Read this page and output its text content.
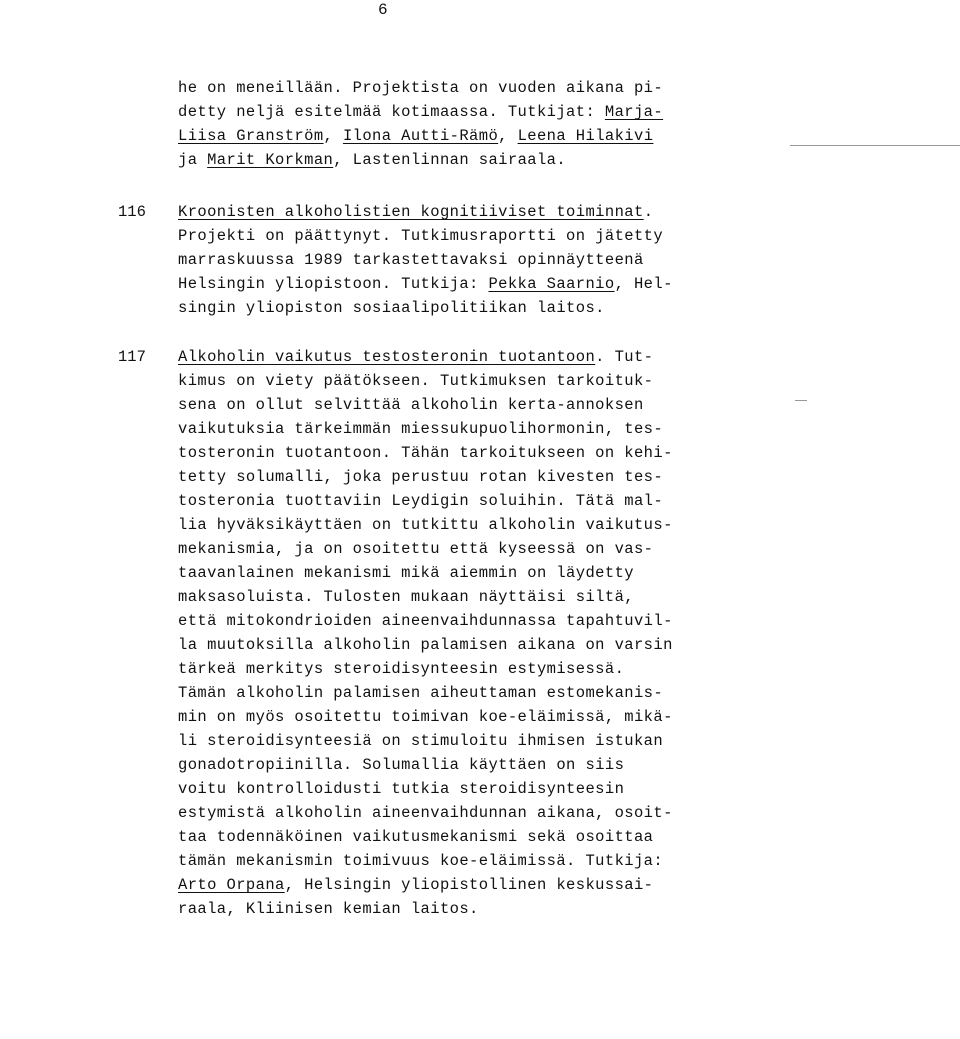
6
he on meneillään. Projektista on vuoden aikana pi-
detty neljä esitelmää kotimaassa. Tutkijat: Marja-
Liisa Granström, Ilona Autti-Rämö, Leena Hilakivi
ja Marit Korkman, Lastenlinnan sairaala.
116 Kroonisten alkoholistien kognitiiviset toiminnat.
Projekti on päättynyt. Tutkimusraportti on jätetty
marraskuussa 1989 tarkastettavaksi opinnäytteenä
Helsingin yliopistoon. Tutkija: Pekka Saarnio, Hel-
singin yliopiston sosiaalipolitiikan laitos.
117 Alkoholin vaikutus testosteronin tuotantoon. Tut-
kimus on viety päätökseen. Tutkimuksen tarkoituk-
sena on ollut selvittää alkoholin kerta-annoksen
vaikutuksia tärkeimmän miessukupuolihormonin, tes-
tosteronin tuotantoon. Tähän tarkoitukseen on kehi-
tetty solumalli, joka perustuu rotan kivesten tes-
tosteronia tuottaviin Leydigin soluihin. Tätä mal-
lia hyväksikäyttäen on tutkittu alkoholin vaikutus-
mekanismia, ja on osoitettu että kyseessä on vas-
taavanlainen mekanismi mikä aiemmin on läydetty
maksasoluista. Tulosten mukaan näyttäisi siltä,
että mitokondrioiden aineenvaihdunnassa tapahtuvil-
la muutoksilla alkoholin palamisen aikana on varsin
tärkeä merkitys steroidisynteesin estymisessä.
Tämän alkoholin palamisen aiheuttaman estomekanis-
min on myös osoitettu toimivan koe-eläimissä, mikä-
li steroidisynteesiä on stimuloitu ihmisen istukan
gonadotropiinilla. Solumallia käyttäen on siis
voitu kontrolloidusti tutkia steroidisynteesin
estymistä alkoholin aineenvaihdunnan aikana, osoit-
taa todennäköinen vaikutusmekanismi sekä osoittaa
tämän mekanismin toimivuus koe-eläimissä. Tutkija:
Arto Orpana, Helsingin yliopistollinen keskussai-
raala, Kliinisen kemian laitos.
